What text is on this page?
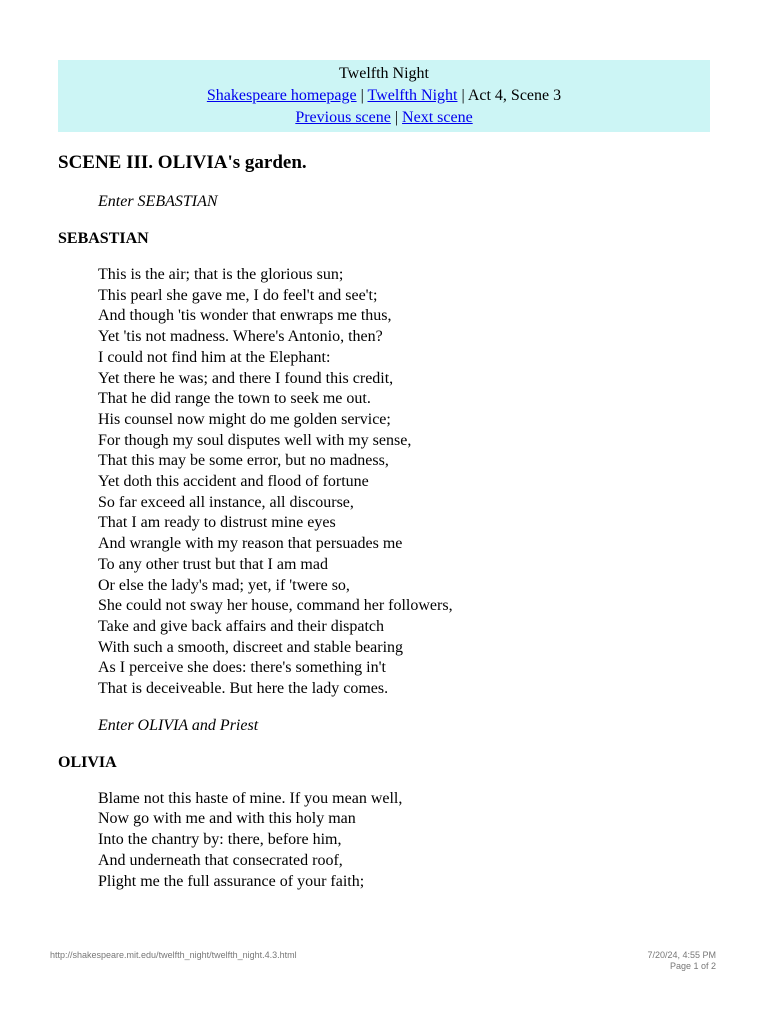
Twelfth Night
Shakespeare homepage | Twelfth Night | Act 4, Scene 3
Previous scene | Next scene
SCENE III. OLIVIA's garden.
Enter SEBASTIAN
SEBASTIAN
This is the air; that is the glorious sun;
This pearl she gave me, I do feel't and see't;
And though 'tis wonder that enwraps me thus,
Yet 'tis not madness. Where's Antonio, then?
I could not find him at the Elephant:
Yet there he was; and there I found this credit,
That he did range the town to seek me out.
His counsel now might do me golden service;
For though my soul disputes well with my sense,
That this may be some error, but no madness,
Yet doth this accident and flood of fortune
So far exceed all instance, all discourse,
That I am ready to distrust mine eyes
And wrangle with my reason that persuades me
To any other trust but that I am mad
Or else the lady's mad; yet, if 'twere so,
She could not sway her house, command her followers,
Take and give back affairs and their dispatch
With such a smooth, discreet and stable bearing
As I perceive she does: there's something in't
That is deceiveable. But here the lady comes.
Enter OLIVIA and Priest
OLIVIA
Blame not this haste of mine. If you mean well,
Now go with me and with this holy man
Into the chantry by: there, before him,
And underneath that consecrated roof,
Plight me the full assurance of your faith;
http://shakespeare.mit.edu/twelfth_night/twelfth_night.4.3.html	7/20/24, 4:55 PM
Page 1 of 2
